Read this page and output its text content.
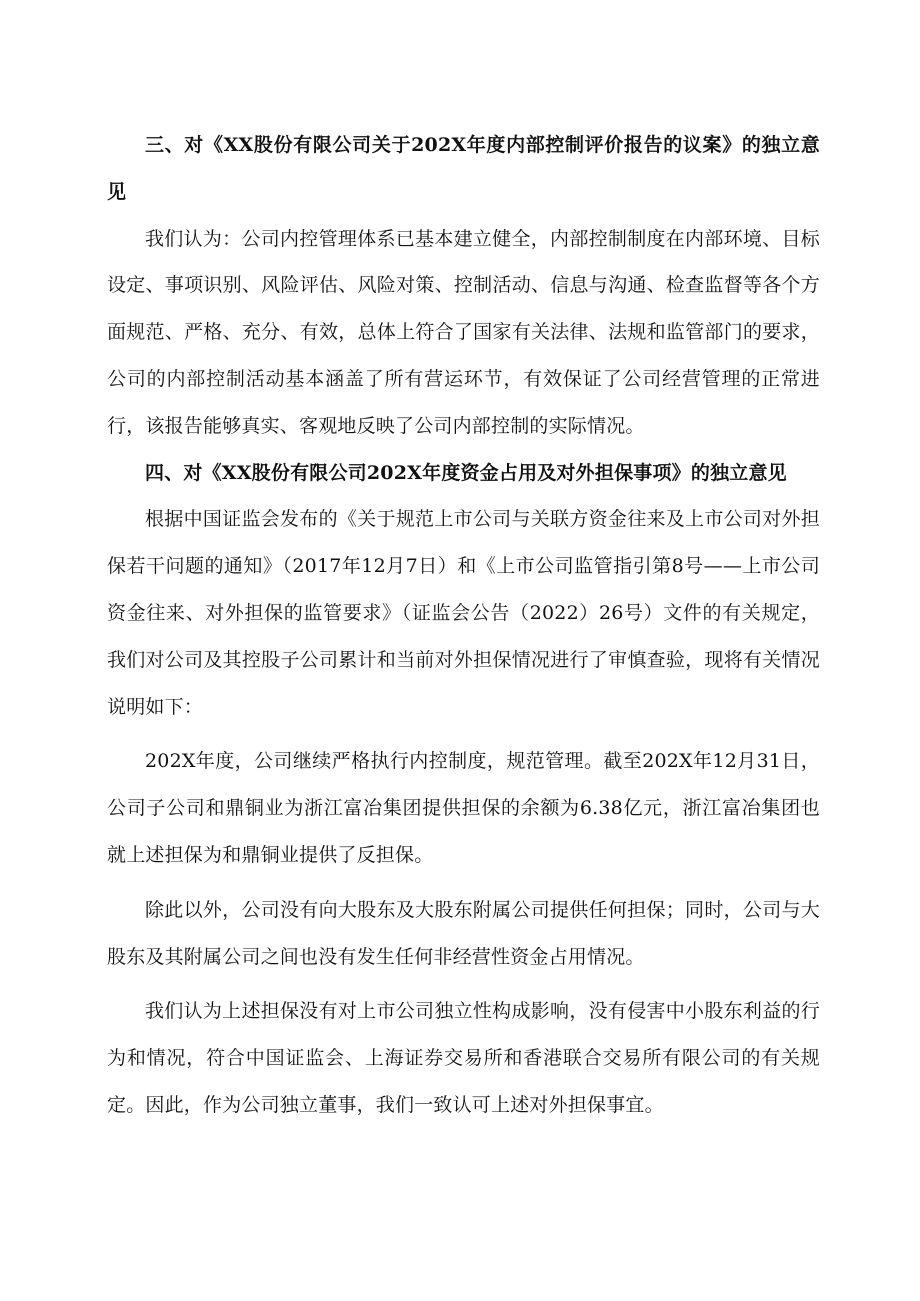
三、对《XX股份有限公司关于202X年度内部控制评价报告的议案》的独立意见

我们认为：公司内控管理体系已基本建立健全，内部控制制度在内部环境、目标设定、事项识别、风险评估、风险对策、控制活动、信息与沟通、检查监督等各个方面规范、严格、充分、有效，总体上符合了国家有关法律、法规和监管部门的要求，公司的内部控制活动基本涵盖了所有营运环节，有效保证了公司经营管理的正常进行，该报告能够真实、客观地反映了公司内部控制的实际情况。

四、对《XX股份有限公司202X年度资金占用及对外担保事项》的独立意见

根据中国证监会发布的《关于规范上市公司与关联方资金往来及上市公司对外担保若干问题的通知》（2017年12月7日）和《上市公司监管指引第8号——上市公司资金往来、对外担保的监管要求》（证监会公告（2022）26号）文件的有关规定，我们对公司及其控股子公司累计和当前对外担保情况进行了审慎查验，现将有关情况说明如下：

202X年度，公司继续严格执行内控制度，规范管理。截至202X年12月31日，公司子公司和鼎铜业为浙江富冶集团提供担保的余额为6.38亿元，浙江富冶集团也就上述担保为和鼎铜业提供了反担保。

除此以外，公司没有向大股东及大股东附属公司提供任何担保；同时，公司与大股东及其附属公司之间也没有发生任何非经营性资金占用情况。

我们认为上述担保没有对上市公司独立性构成影响，没有侵害中小股东利益的行为和情况，符合中国证监会、上海证券交易所和香港联合交易所有限公司的有关规定。因此，作为公司独立董事，我们一致认可上述对外担保事宜。
